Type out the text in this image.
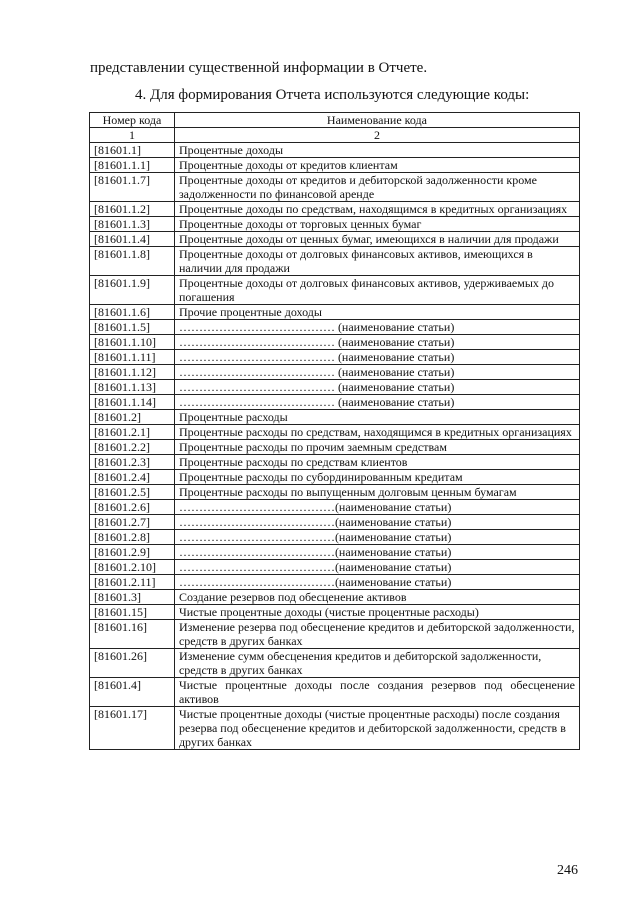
представлении существенной информации в Отчете.
4. Для формирования Отчета используются следующие коды:
Номер кода	Наименование кода
1	2
[81601.1]	Процентные доходы
[81601.1.1]	Процентные доходы от кредитов клиентам
[81601.1.7]	Процентные доходы от кредитов и дебиторской задолженности кроме задолженности по финансовой аренде
[81601.1.2]	Процентные доходы по средствам, находящимся в кредитных организациях
[81601.1.3]	Процентные доходы от торговых ценных бумаг
[81601.1.4]	Процентные доходы от ценных бумаг, имеющихся в наличии для продажи
[81601.1.8]	Процентные доходы от долговых финансовых активов, имеющихся в наличии для продажи
[81601.1.9]	Процентные доходы от долговых финансовых активов, удерживаемых до погашения
[81601.1.6]	Прочие процентные доходы
[81601.1.5]	………………………………… (наименование статьи)
[81601.1.10]	………………………………… (наименование статьи)
[81601.1.11]	………………………………… (наименование статьи)
[81601.1.12]	………………………………… (наименование статьи)
[81601.1.13]	………………………………… (наименование статьи)
[81601.1.14]	………………………………… (наименование статьи)
[81601.2]	Процентные расходы
[81601.2.1]	Процентные расходы по средствам, находящимся в кредитных организациях
[81601.2.2]	Процентные расходы по прочим заемным средствам
[81601.2.3]	Процентные расходы по средствам клиентов
[81601.2.4]	Процентные расходы по субординированным кредитам
[81601.2.5]	Процентные расходы по выпущенным долговым ценным бумагам
[81601.2.6]	…………………………………(наименование статьи)
[81601.2.7]	…………………………………(наименование статьи)
[81601.2.8]	…………………………………(наименование статьи)
[81601.2.9]	…………………………………(наименование статьи)
[81601.2.10]	…………………………………(наименование статьи)
[81601.2.11]	…………………………………(наименование статьи)
[81601.3]	Создание резервов под обесценение активов
[81601.15]	Чистые процентные доходы (чистые процентные расходы)
[81601.16]	Изменение резерва под обесценение кредитов и дебиторской задолженности, средств в других банках
[81601.26]	Изменение сумм обесценения кредитов и дебиторской задолженности, средств в других банках
[81601.4]	Чистые процентные доходы после создания резервов под обесценение активов
[81601.17]	Чистые процентные доходы (чистые процентные расходы) после создания резерва под обесценение кредитов и дебиторской задолженности, средств в других банках
246
